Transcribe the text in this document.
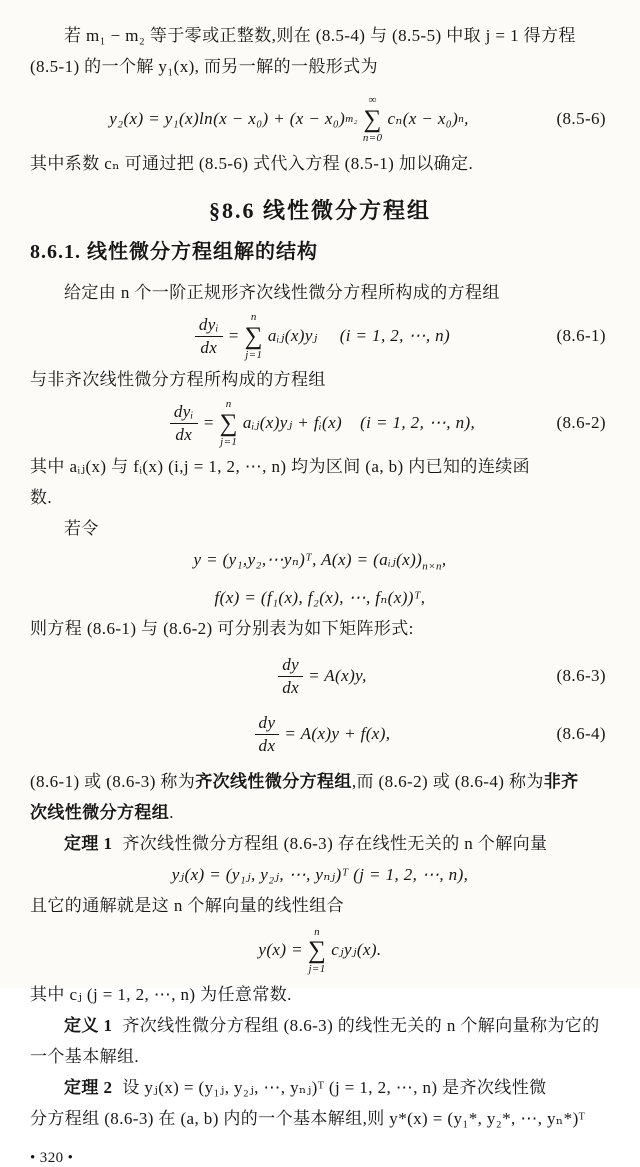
若 m₁ − m₂ 等于零或正整数,则在 (8.5-4) 与 (8.5-5) 中取 j = 1 得方程
(8.5-1) 的一个解 y₁(x), 而另一解的一般形式为
y₂(x) = y₁(x)ln(x − x₀) + (x − x₀) m₂
∞
∑
n=0
cₙ(x − x₀) n ,	(8.5-6)
其中系数 cₙ 可通过把 (8.5-6) 式代入方程 (8.5-1) 加以确定.
§8.6 线性微分方程组
8.6.1. 线性微分方程组解的结构
给定由 n 个一阶正规形齐次线性微分方程所构成的方程组
$\frac{\text{dyᵢ}}{dx}$ =
n
∑
j=1
aᵢⱼ(x)yⱼ (i = 1, 2, ⋯, n)	(8.6-1)
与非齐次线性微分方程所构成的方程组
$\frac{\text{dyᵢ}}{dx}$ =
n
∑
j=1
aᵢⱼ(x)yⱼ + fᵢ(x) (i = 1, 2, ⋯, n),	(8.6-2)
其中 aᵢⱼ(x) 与 fᵢ(x) (i,j = 1, 2, ⋯, n) 均为区间 (a, b) 内已知的连续函
数.
若令
y = (y₁,y₂,⋯yₙ)ᵀ, $A(x) = (aᵢⱼ(x))_{n\times n}$,
f(x) = (f₁(x), f₂(x), ⋯, fₙ(x))ᵀ,
则方程 (8.6-1) 与 (8.6-2) 可分别表为如下矩阵形式:
$\frac{dy}{dx} = A(x)y$,	(8.6-3)
$\frac{dy}{dx} = A(x)y + f(x)$,	(8.6-4)
(8.6-1) 或 (8.6-3) 称为齐次线性微分方程组,而 (8.6-2) 或 (8.6-4) 称为非齐
次线性微分方程组.
定理 1 齐次线性微分方程组 (8.6-3) 存在线性无关的 n 个解向量
yⱼ(x) = (y₁ⱼ, y₂ⱼ, ⋯, yₙⱼ)ᵀ (j = 1, 2, ⋯, n),
且它的通解就是这 n 个解向量的线性组合
y(x) =
n
∑
j=1
cⱼyⱼ(x).
其中 cⱼ (j = 1, 2, ⋯, n) 为任意常数.
定义 1 齐次线性微分方程组 (8.6-3) 的线性无关的 n 个解向量称为它的
一个基本解组.
定理 2 设 yⱼ(x) = (y₁ⱼ, y₂ⱼ, ⋯, yₙⱼ)ᵀ (j = 1, 2, ⋯, n) 是齐次线性微
分方程组 (8.6-3) 在 (a, b) 内的一个基本解组,则 y*(x) = (y₁*, y₂*, ⋯, yₙ*)ᵀ
• 320 •
